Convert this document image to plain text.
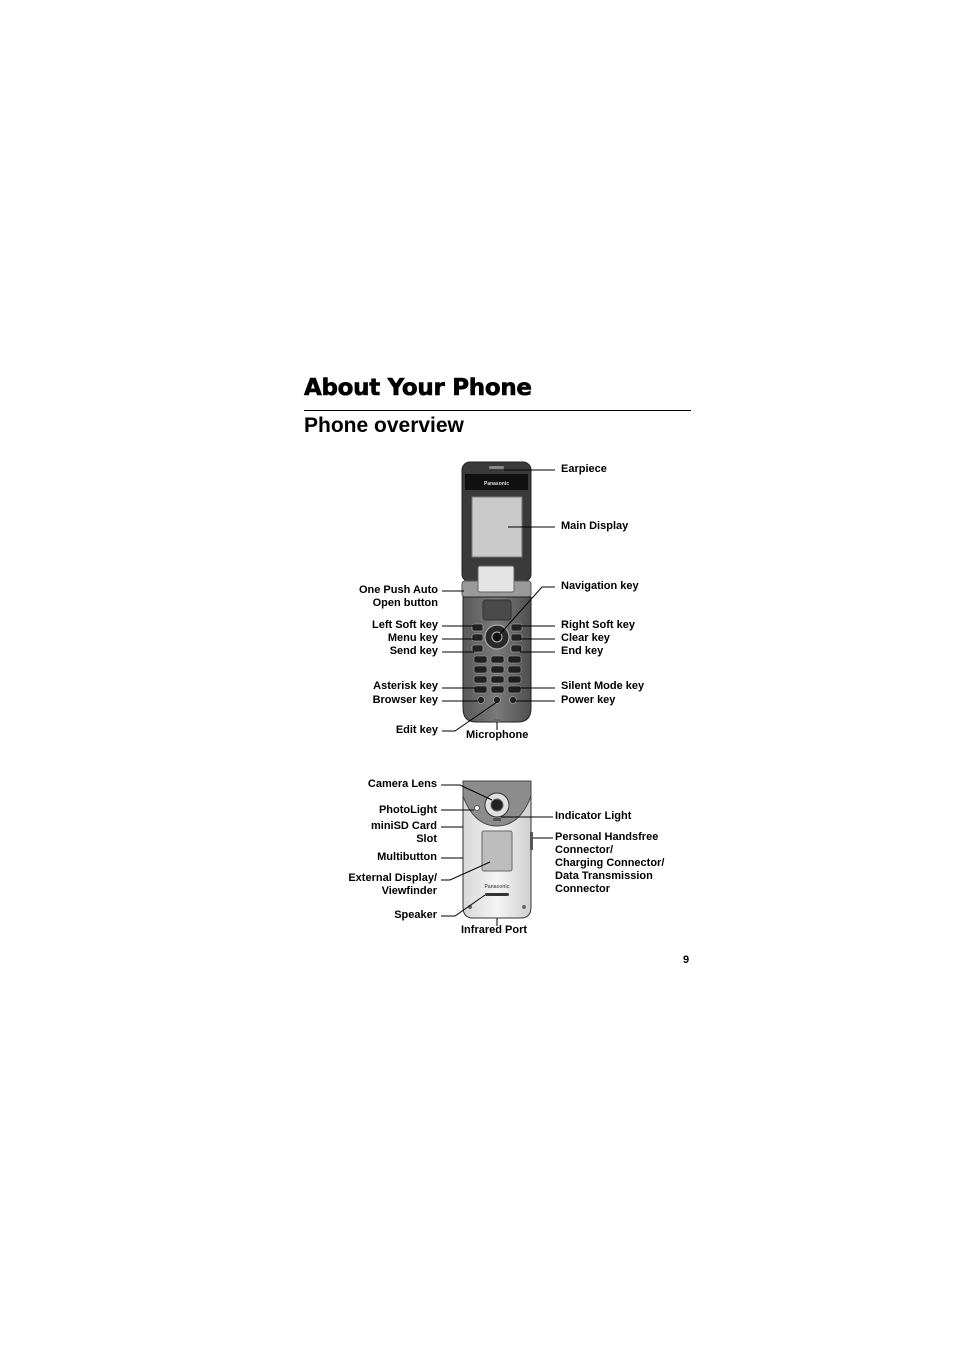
About Your Phone
Phone overview
Panasonic
Panasonic
Earpiece
Main Display
Navigation key
One Push Auto
Open button
Left Soft key
Menu key
Send key
Right Soft key
Clear key
End key
Asterisk key
Browser key
Silent Mode key
Power key
Edit key	Microphone
Camera Lens
PhotoLight
miniSD Card
Slot
Multibutton
External Display/
Viewfinder
Speaker
Infrared Port
Indicator Light
Personal Handsfree
Connector/
Charging Connector/
Data Transmission
Connector
9
